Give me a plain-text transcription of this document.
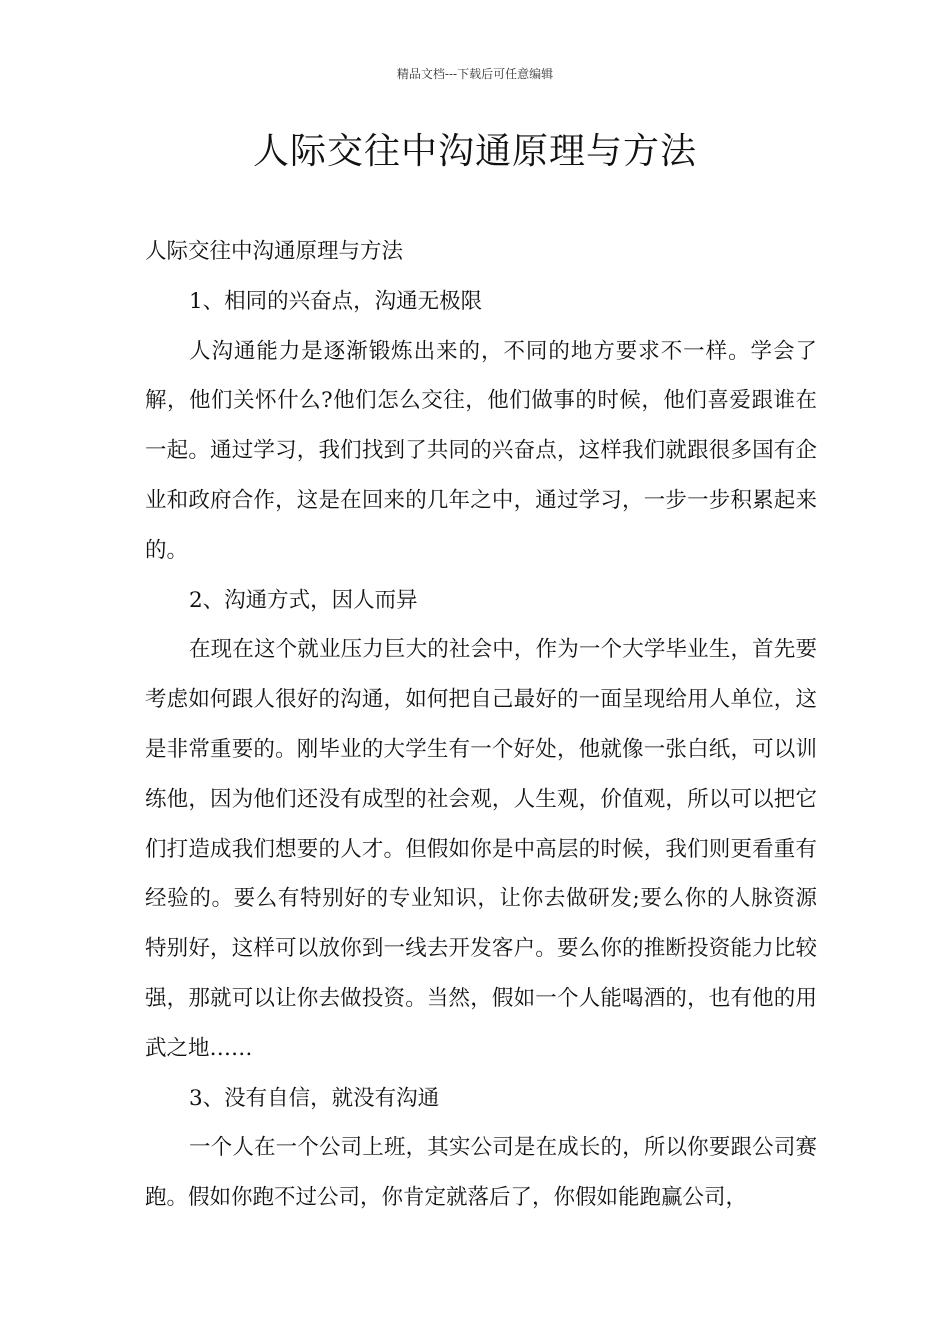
精品文档---下载后可任意编辑
人际交往中沟通原理与方法

人际交往中沟通原理与方法

1、相同的兴奋点，沟通无极限

人沟通能力是逐渐锻炼出来的，不同的地方要求不一样。学会了解，他们关怀什么?他们怎么交往，他们做事的时候，他们喜爱跟谁在一起。通过学习，我们找到了共同的兴奋点，这样我们就跟很多国有企业和政府合作，这是在回来的几年之中，通过学习，一步一步积累起来的。

2、沟通方式，因人而异

在现在这个就业压力巨大的社会中，作为一个大学毕业生，首先要考虑如何跟人很好的沟通，如何把自己最好的一面呈现给用人单位，这是非常重要的。刚毕业的大学生有一个好处，他就像一张白纸，可以训练他，因为他们还没有成型的社会观，人生观，价值观，所以可以把它们打造成我们想要的人才。但假如你是中高层的时候，我们则更看重有经验的。要么有特别好的专业知识，让你去做研发;要么你的人脉资源特别好，这样可以放你到一线去开发客户。要么你的推断投资能力比较强，那就可以让你去做投资。当然，假如一个人能喝酒的，也有他的用武之地……

3、没有自信，就没有沟通

一个人在一个公司上班，其实公司是在成长的，所以你要跟公司赛跑。假如你跑不过公司，你肯定就落后了，你假如能跑赢公司，
